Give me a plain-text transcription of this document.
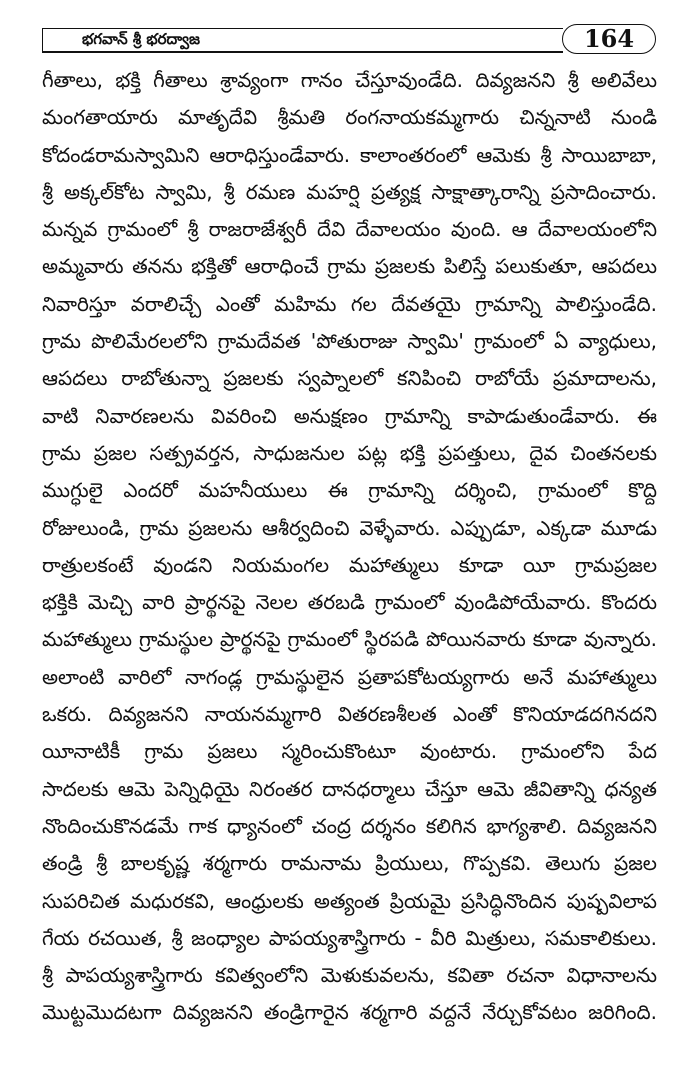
భగవాన్ శ్రీ భరద్వాజ	164
గీతాలు, భక్తి గీతాలు శ్రావ్యంగా గానం చేస్తూవుండేది. దివ్యజనని శ్రీ అలివేలు
మంగతాయారు మాతృదేవి శ్రీమతి రంగనాయకమ్మగారు చిన్ననాటి నుండి
కోదండరామస్వామిని ఆరాధిస్తుండేవారు. కాలాంతరంలో ఆమెకు శ్రీ సాయిబాబా,
శ్రీ అక్కల్‌కోట స్వామి, శ్రీ రమణ మహర్షి ప్రత్యక్ష సాక్షాత్కారాన్ని ప్రసాదించారు.
మన్నవ గ్రామంలో శ్రీ రాజరాజేశ్వరీ దేవి దేవాలయం వుంది. ఆ దేవాలయంలోని
అమ్మవారు తనను భక్తితో ఆరాధించే గ్రామ ప్రజలకు పిలిస్తే పలుకుతూ, ఆపదలు
నివారిస్తూ వరాలిచ్చే ఎంతో మహిమ గల దేవతయై గ్రామాన్ని పాలిస్తుండేది.
గ్రామ పొలిమేరలలోని గ్రామదేవత 'పోతురాజు స్వామి' గ్రామంలో ఏ వ్యాధులు,
ఆపదలు రాబోతున్నా ప్రజలకు స్వప్నాలలో కనిపించి రాబోయే ప్రమాదాలను,
వాటి నివారణలను వివరించి అనుక్షణం గ్రామాన్ని కాపాడుతుండేవారు. ఈ
గ్రామ ప్రజల సత్ప్రవర్తన, సాధుజనుల పట్ల భక్తి ప్రపత్తులు, దైవ చింతనలకు
ముగ్ధులై ఎందరో మహనీయులు ఈ గ్రామాన్ని దర్శించి, గ్రామంలో కొద్ది
రోజులుండి, గ్రామ ప్రజలను ఆశీర్వదించి వెళ్ళేవారు. ఎప్పుడూ, ఎక్కడా మూడు
రాత్రులకంటే వుండని నియమంగల మహాత్ములు కూడా యీ గ్రామప్రజల
భక్తికి మెచ్చి వారి ప్రార్థనపై నెలల తరబడి గ్రామంలో వుండిపోయేవారు. కొందరు
మహాత్ములు గ్రామస్థుల ప్రార్థనపై గ్రామంలో స్థిరపడి పోయినవారు కూడా వున్నారు.
అలాంటి వారిలో నాగండ్ల గ్రామస్థులైన ప్రతాపకోటయ్యగారు అనే మహాత్ములు
ఒకరు. దివ్యజనని నాయనమ్మగారి వితరణశీలత ఎంతో కొనియాడదగినదని
యీనాటికీ గ్రామ ప్రజలు స్మరించుకొంటూ వుంటారు. గ్రామంలోని పేద
సాదలకు ఆమె పెన్నిధియై నిరంతర దానధర్మాలు చేస్తూ ఆమె జీవితాన్ని ధన్యత
నొందించుకొనడమే గాక ధ్యానంలో చంద్ర దర్శనం కలిగిన భాగ్యశాలి. దివ్యజనని
తండ్రి శ్రీ బాలకృష్ణ శర్మగారు రామనామ ప్రియులు, గొప్పకవి. తెలుగు ప్రజల
సుపరిచిత మధురకవి, ఆంధ్రులకు అత్యంత ప్రియమై ప్రసిద్ధినొందిన పుష్పవిలాప
గేయ రచయిత, శ్రీ జంధ్యాల పాపయ్యశాస్త్రిగారు - వీరి మిత్రులు, సమకాలికులు.
శ్రీ పాపయ్యశాస్త్రిగారు కవిత్వంలోని మెళుకువలను, కవితా రచనా విధానాలను
మొట్టమొదటగా దివ్యజనని తండ్రిగారైన శర్మగారి వద్దనే నేర్చుకోవటం జరిగింది.
